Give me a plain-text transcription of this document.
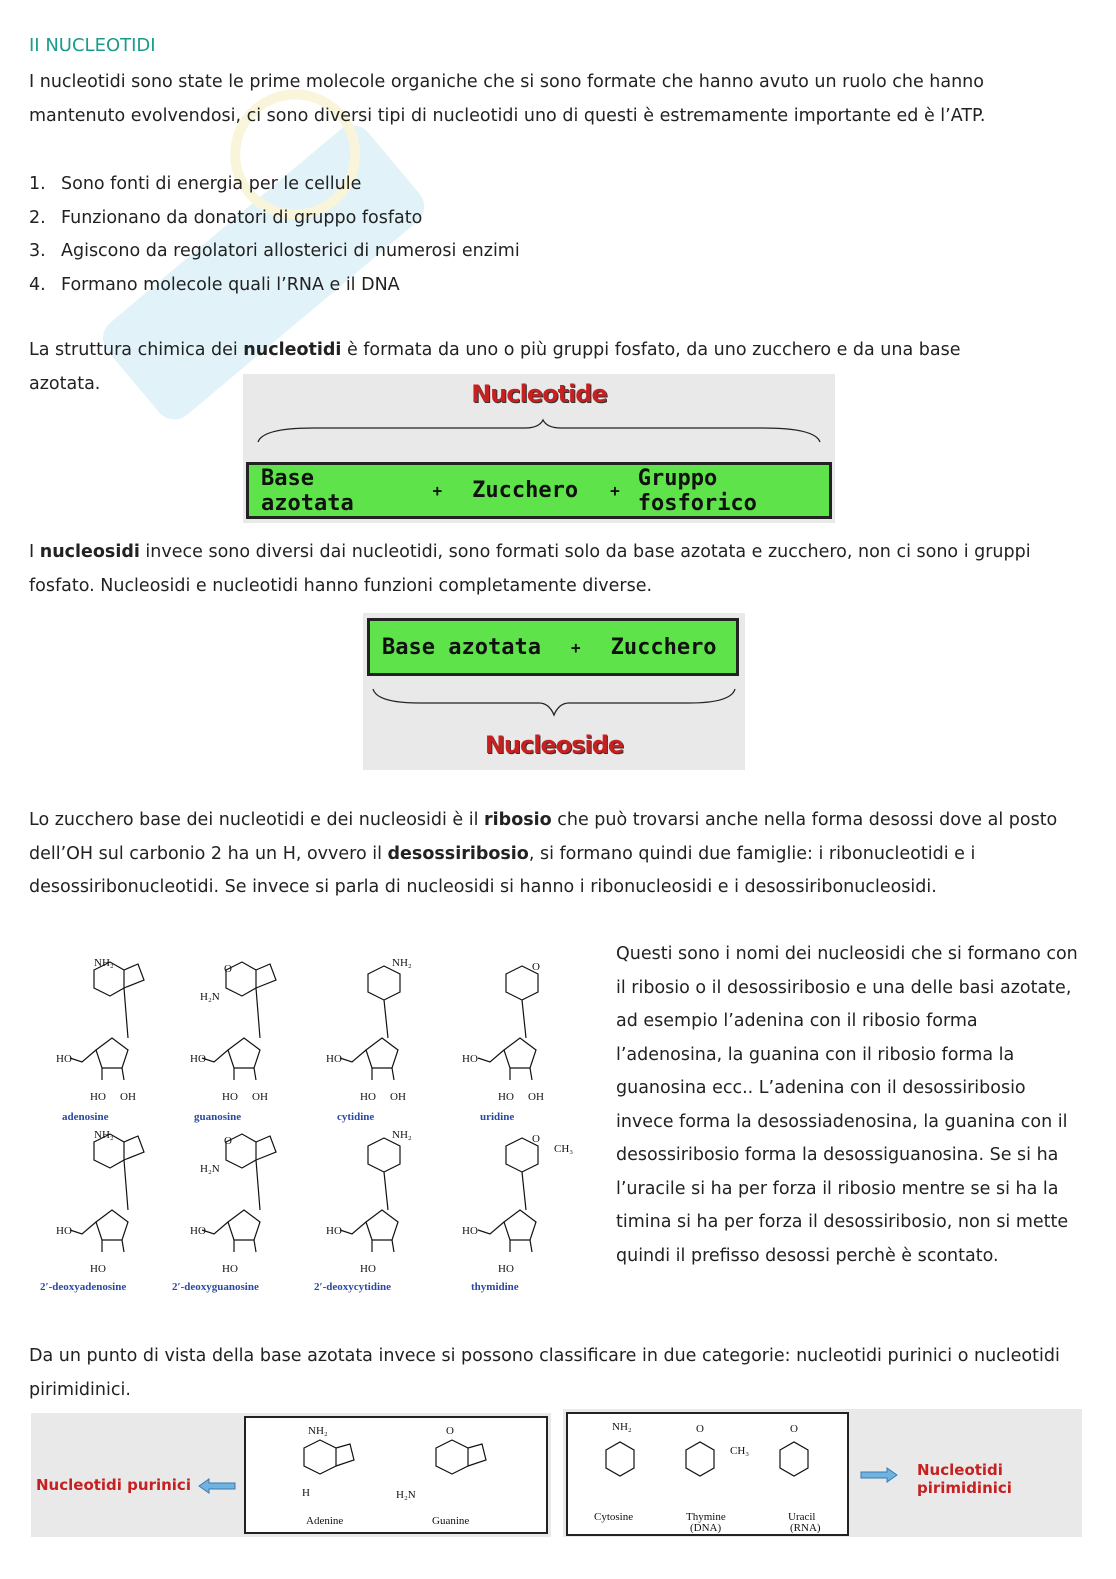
II NUCLEOTIDI

I nucleotidi sono state le prime molecole organiche che si sono formate che hanno avuto un ruolo che hanno mantenuto evolvendosi, ci sono diversi tipi di nucleotidi uno di questi è estremamente importante ed è l’ATP.

1. Sono fonti di energia per le cellule
2. Funzionano da donatori di gruppo fosfato
3. Agiscono da regolatori allosterici di numerosi enzimi
4. Formano molecole quali l’RNA e il DNA

La struttura chimica dei nucleotidi è formata da uno o più gruppi fosfato, da uno zucchero e da una base azotata.	Nucleotide
Base azotata	+ Zucchero + Gruppo fosforico

I nucleosidi invece sono diversi dai nucleotidi, sono formati solo da base azotata e zucchero, non ci sono i gruppi fosfato. Nucleosidi e nucleotidi hanno funzioni completamente diverse.

Base azotata + Zucchero
Nucleoside

Lo zucchero base dei nucleotidi e dei nucleosidi è il ribosio che può trovarsi anche nella forma desossi dove al posto dell’OH sul carbonio 2 ha un H, ovvero il desossiribosio, si formano quindi due famiglie: i ribonucleotidi e i desossiribonucleotidi. Se invece si parla di nucleosidi si hanno i ribonucleosidi e i desossiribonucleosidi.

NH₂
HO
HO OH
O
H₂N
HO
HO OH
NH₂
HO
HO OH
O
HO
HO OH
adenosine	guanosine	cytidine	uridine
NH₂
HO
HO
O
H₂N
HO
HO
NH₂
HO
HO
O
CH₃
HO
HO
2′-deoxyadenosine	2′-deoxyguanosine	2′-deoxycytidine	thymidine

Questi sono i nomi dei nucleosidi che si formano con il ribosio o il desossiribosio e una delle basi azotate, ad esempio l’adenina con il ribosio forma l’adenosina, la guanina con il ribosio forma la guanosina ecc.. L’adenina con il desossiribosio invece forma la desossiadenosina, la guanina con il desossiribosio forma la desossiguanosina. Se si ha l’uracile si ha per forza il ribosio mentre se si ha la timina si ha per forza il desossiribosio, non si mette quindi il prefisso desossi perchè è scontato.

Da un punto di vista della base azotata invece si possono classificare in due categorie: nucleotidi purinici o nucleotidi pirimidinici.

Nucleotidi purinici
NH₂
H
O
H₂N
Adenine	Guanine
NH₂	O
CH₃
O
Cytosine	Thymine
(DNA)
Uracil
(RNA)
Nucleotidi pirimidinici
